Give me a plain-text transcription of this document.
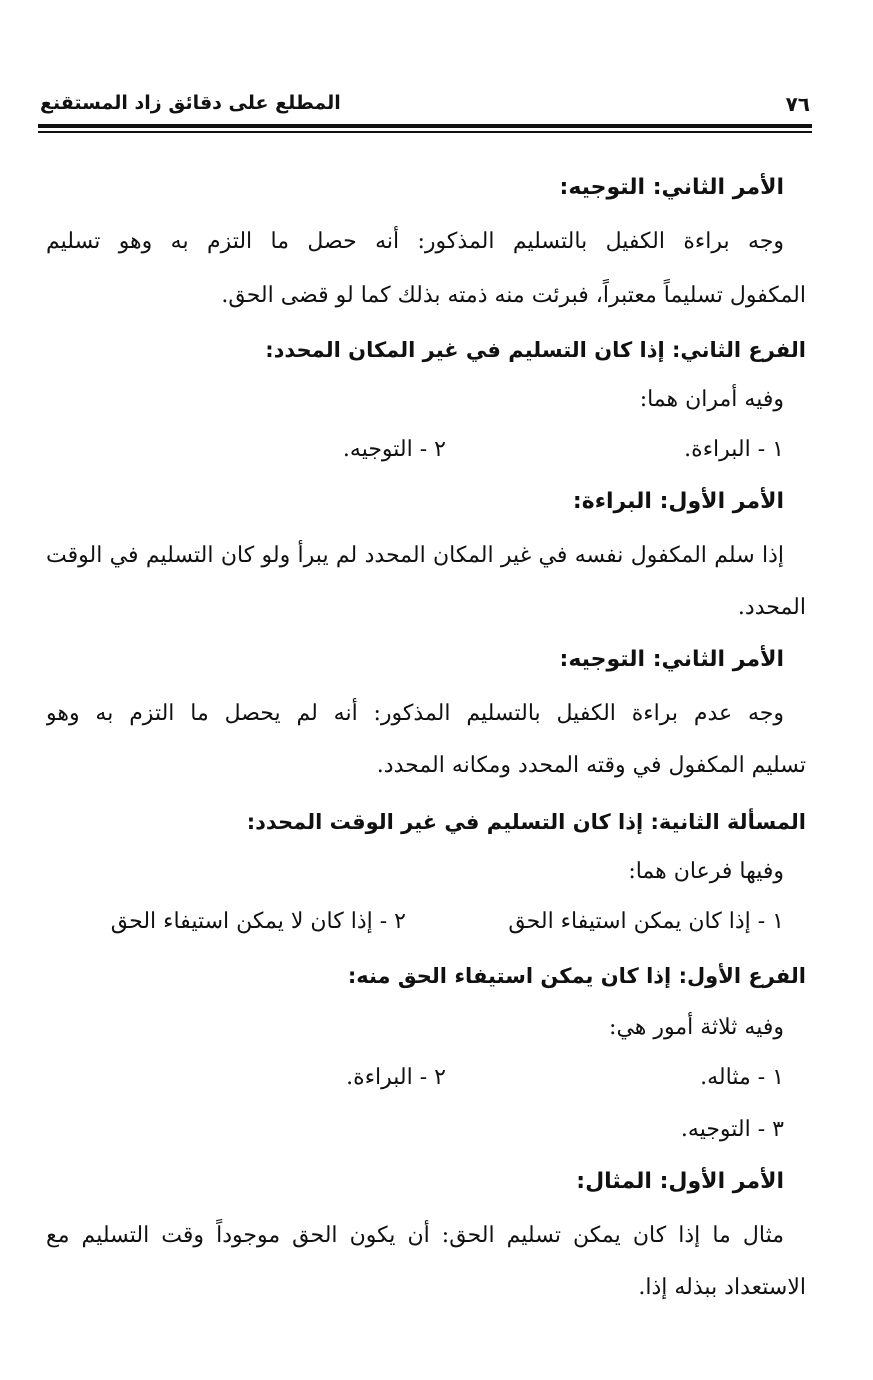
٧٦
المطلع على دقائق زاد المستقنع
الأمر الثاني: التوجيه:
وجه براءة الكفيل بالتسليم المذكور: أنه حصل ما التزم به وهو تسليم
المكفول تسليماً معتبراً، فبرئت منه ذمته بذلك كما لو قضى الحق.
الفرع الثاني: إذا كان التسليم في غير المكان المحدد:
وفيه أمران هما:
١ - البراءة.
٢ - التوجيه.
الأمر الأول: البراءة:
إذا سلم المكفول نفسه في غير المكان المحدد لم يبرأ ولو كان التسليم في الوقت
المحدد.
الأمر الثاني: التوجيه:
وجه عدم براءة الكفيل بالتسليم المذكور: أنه لم يحصل ما التزم به وهو
تسليم المكفول في وقته المحدد ومكانه المحدد.
المسألة الثانية: إذا كان التسليم في غير الوقت المحدد:
وفيها فرعان هما:
١ - إذا كان يمكن استيفاء الحق
٢ - إذا كان لا يمكن استيفاء الحق
الفرع الأول: إذا كان يمكن استيفاء الحق منه:
وفيه ثلاثة أمور هي:
١ - مثاله.
٢ - البراءة.
٣ - التوجيه.
الأمر الأول: المثال:
مثال ما إذا كان يمكن تسليم الحق: أن يكون الحق موجوداً وقت التسليم مع
الاستعداد ببذله إذا.
